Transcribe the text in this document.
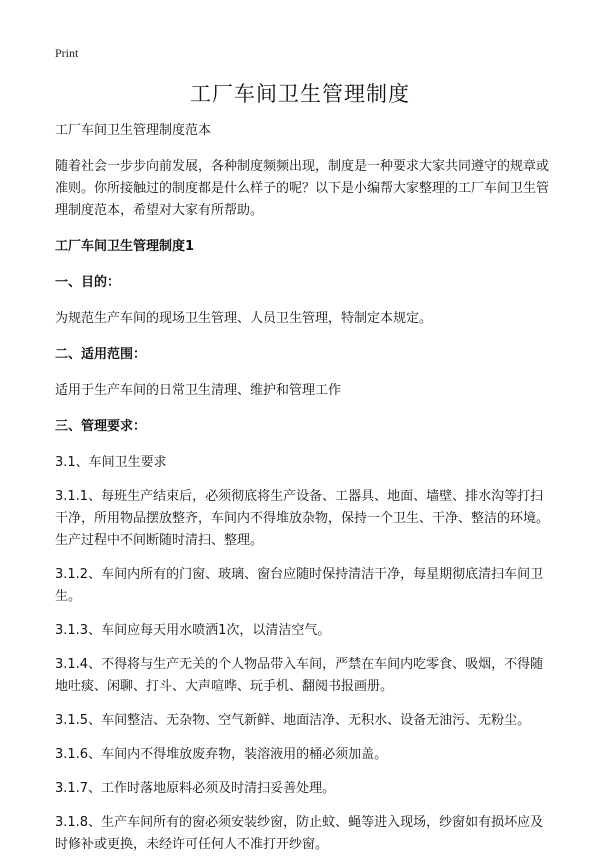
Print
工厂车间卫生管理制度

工厂车间卫生管理制度范本

随着社会一步步向前发展，各种制度频频出现，制度是一种要求大家共同遵守的规章或准则。你所接触过的制度都是什么样子的呢？以下是小编帮大家整理的工厂车间卫生管理制度范本，希望对大家有所帮助。

工厂车间卫生管理制度1

一、目的：

为规范生产车间的现场卫生管理、人员卫生管理，特制定本规定。

二、适用范围：

适用于生产车间的日常卫生清理、维护和管理工作

三、管理要求：

3.1、车间卫生要求

3.1.1、每班生产结束后，必须彻底将生产设备、工器具、地面、墙壁、排水沟等打扫干净，所用物品摆放整齐，车间内不得堆放杂物，保持一个卫生、干净、整洁的环境。生产过程中不间断随时清扫、整理。

3.1.2、车间内所有的门窗、玻璃、窗台应随时保持清洁干净，每星期彻底清扫车间卫生。

3.1.3、车间应每天用水喷洒1次，以清洁空气。

3.1.4、不得将与生产无关的个人物品带入车间，严禁在车间内吃零食、吸烟，不得随地吐痰、闲聊、打斗、大声喧哗、玩手机、翻阅书报画册。

3.1.5、车间整洁、无杂物、空气新鲜、地面洁净、无积水、设备无油污、无粉尘。

3.1.6、车间内不得堆放废弃物，装溶液用的桶必须加盖。

3.1.7、工作时落地原料必须及时清扫妥善处理。

3.1.8、生产车间所有的窗必须安装纱窗，防止蚊、蝇等进入现场，纱窗如有损坏应及时修补或更换，未经许可任何人不准打开纱窗。
